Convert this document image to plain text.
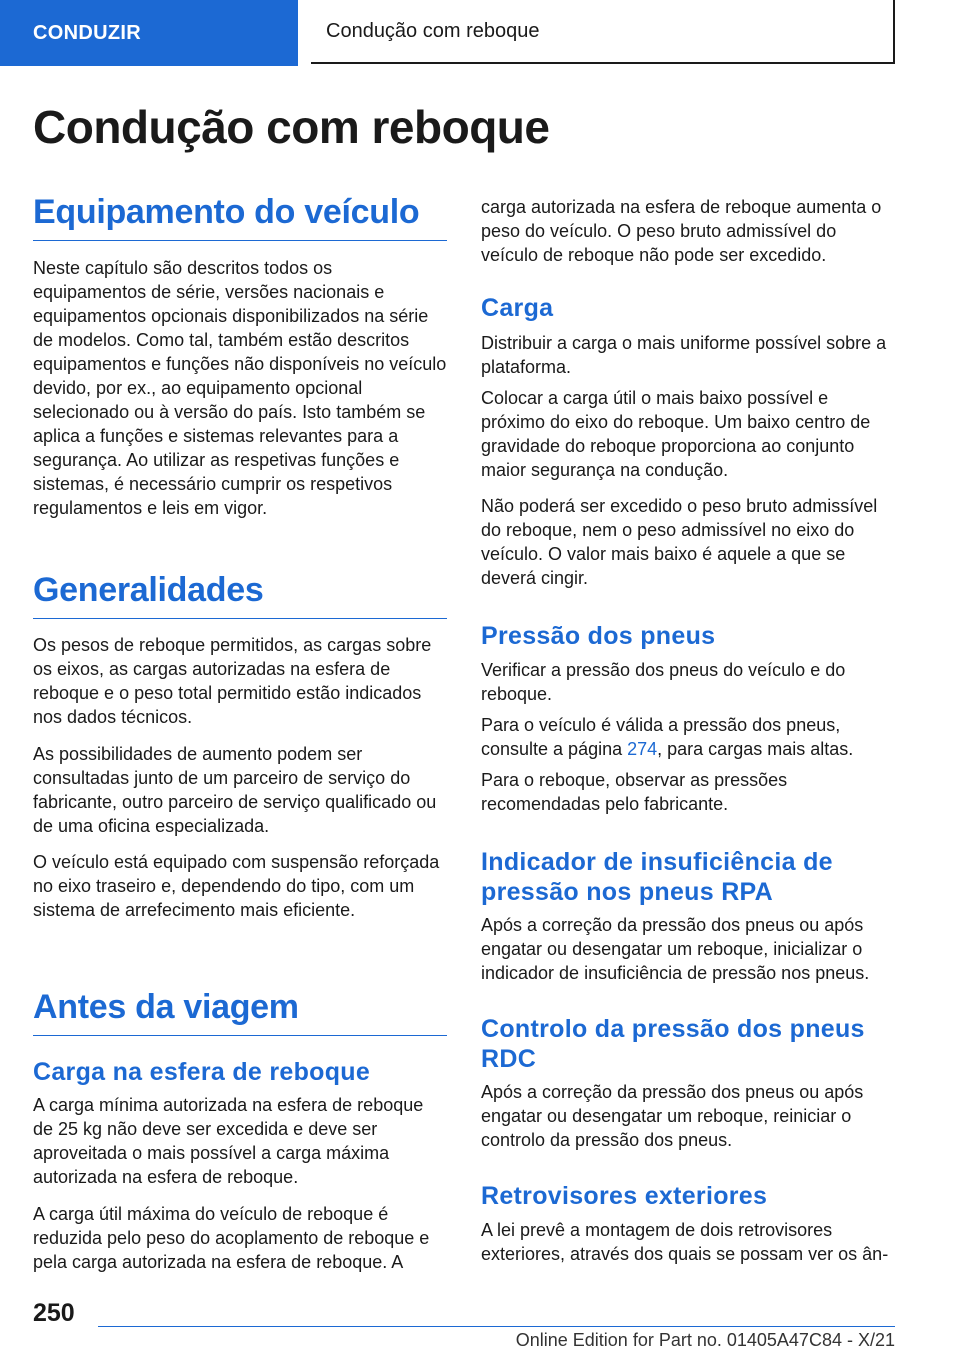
CONDUZIR	Condução com reboque
Condução com reboque
Equipamento do veículo

Neste capítulo são descritos todos os equipamentos de série, versões nacionais e equipamentos opcionais disponibilizados na série de modelos. Como tal, também estão descritos equipamentos e funções não disponíveis no veículo devido, por ex., ao equipamento opcional selecionado ou à versão do país. Isto também se aplica a funções e sistemas relevantes para a segurança. Ao utilizar as respetivas funções e sistemas, é necessário cumprir os respetivos regulamentos e leis em vigor.

Generalidades

Os pesos de reboque permitidos, as cargas sobre os eixos, as cargas autorizadas na esfera de reboque e o peso total permitido estão indicados nos dados técnicos.

As possibilidades de aumento podem ser consultadas junto de um parceiro de serviço do fabricante, outro parceiro de serviço qualificado ou de uma oficina especializada.

O veículo está equipado com suspensão reforçada no eixo traseiro e, dependendo do tipo, com um sistema de arrefecimento mais eficiente.

Antes da viagem
Carga na esfera de reboque

A carga mínima autorizada na esfera de reboque de 25 kg não deve ser excedida e deve ser aproveitada o mais possível a carga máxima autorizada na esfera de reboque.

A carga útil máxima do veículo de reboque é reduzida pelo peso do acoplamento de reboque e pela carga autorizada na esfera de reboque. A

carga autorizada na esfera de reboque aumenta o peso do veículo. O peso bruto admissível do veículo de reboque não pode ser excedido.

Carga

Distribuir a carga o mais uniforme possível sobre a plataforma.

Colocar a carga útil o mais baixo possível e próximo do eixo do reboque. Um baixo centro de gravidade do reboque proporciona ao conjunto maior segurança na condução.

Não poderá ser excedido o peso bruto admissível do reboque, nem o peso admissível no eixo do veículo. O valor mais baixo é aquele a que se deverá cingir.

Pressão dos pneus

Verificar a pressão dos pneus do veículo e do reboque.

Para o veículo é válida a pressão dos pneus, consulte a página 274, para cargas mais altas.

Para o reboque, observar as pressões recomendadas pelo fabricante.

Indicador de insuficiência de pressão nos pneus RPA

Após a correção da pressão dos pneus ou após engatar ou desengatar um reboque, inicializar o indicador de insuficiência de pressão nos pneus.

Controlo da pressão dos pneus RDC

Após a correção da pressão dos pneus ou após engatar ou desengatar um reboque, reiniciar o controlo da pressão dos pneus.

Retrovisores exteriores

A lei prevê a montagem de dois retrovisores exteriores, através dos quais se possam ver os ân-

250
Online Edition for Part no. 01405A47C84 - X/21
